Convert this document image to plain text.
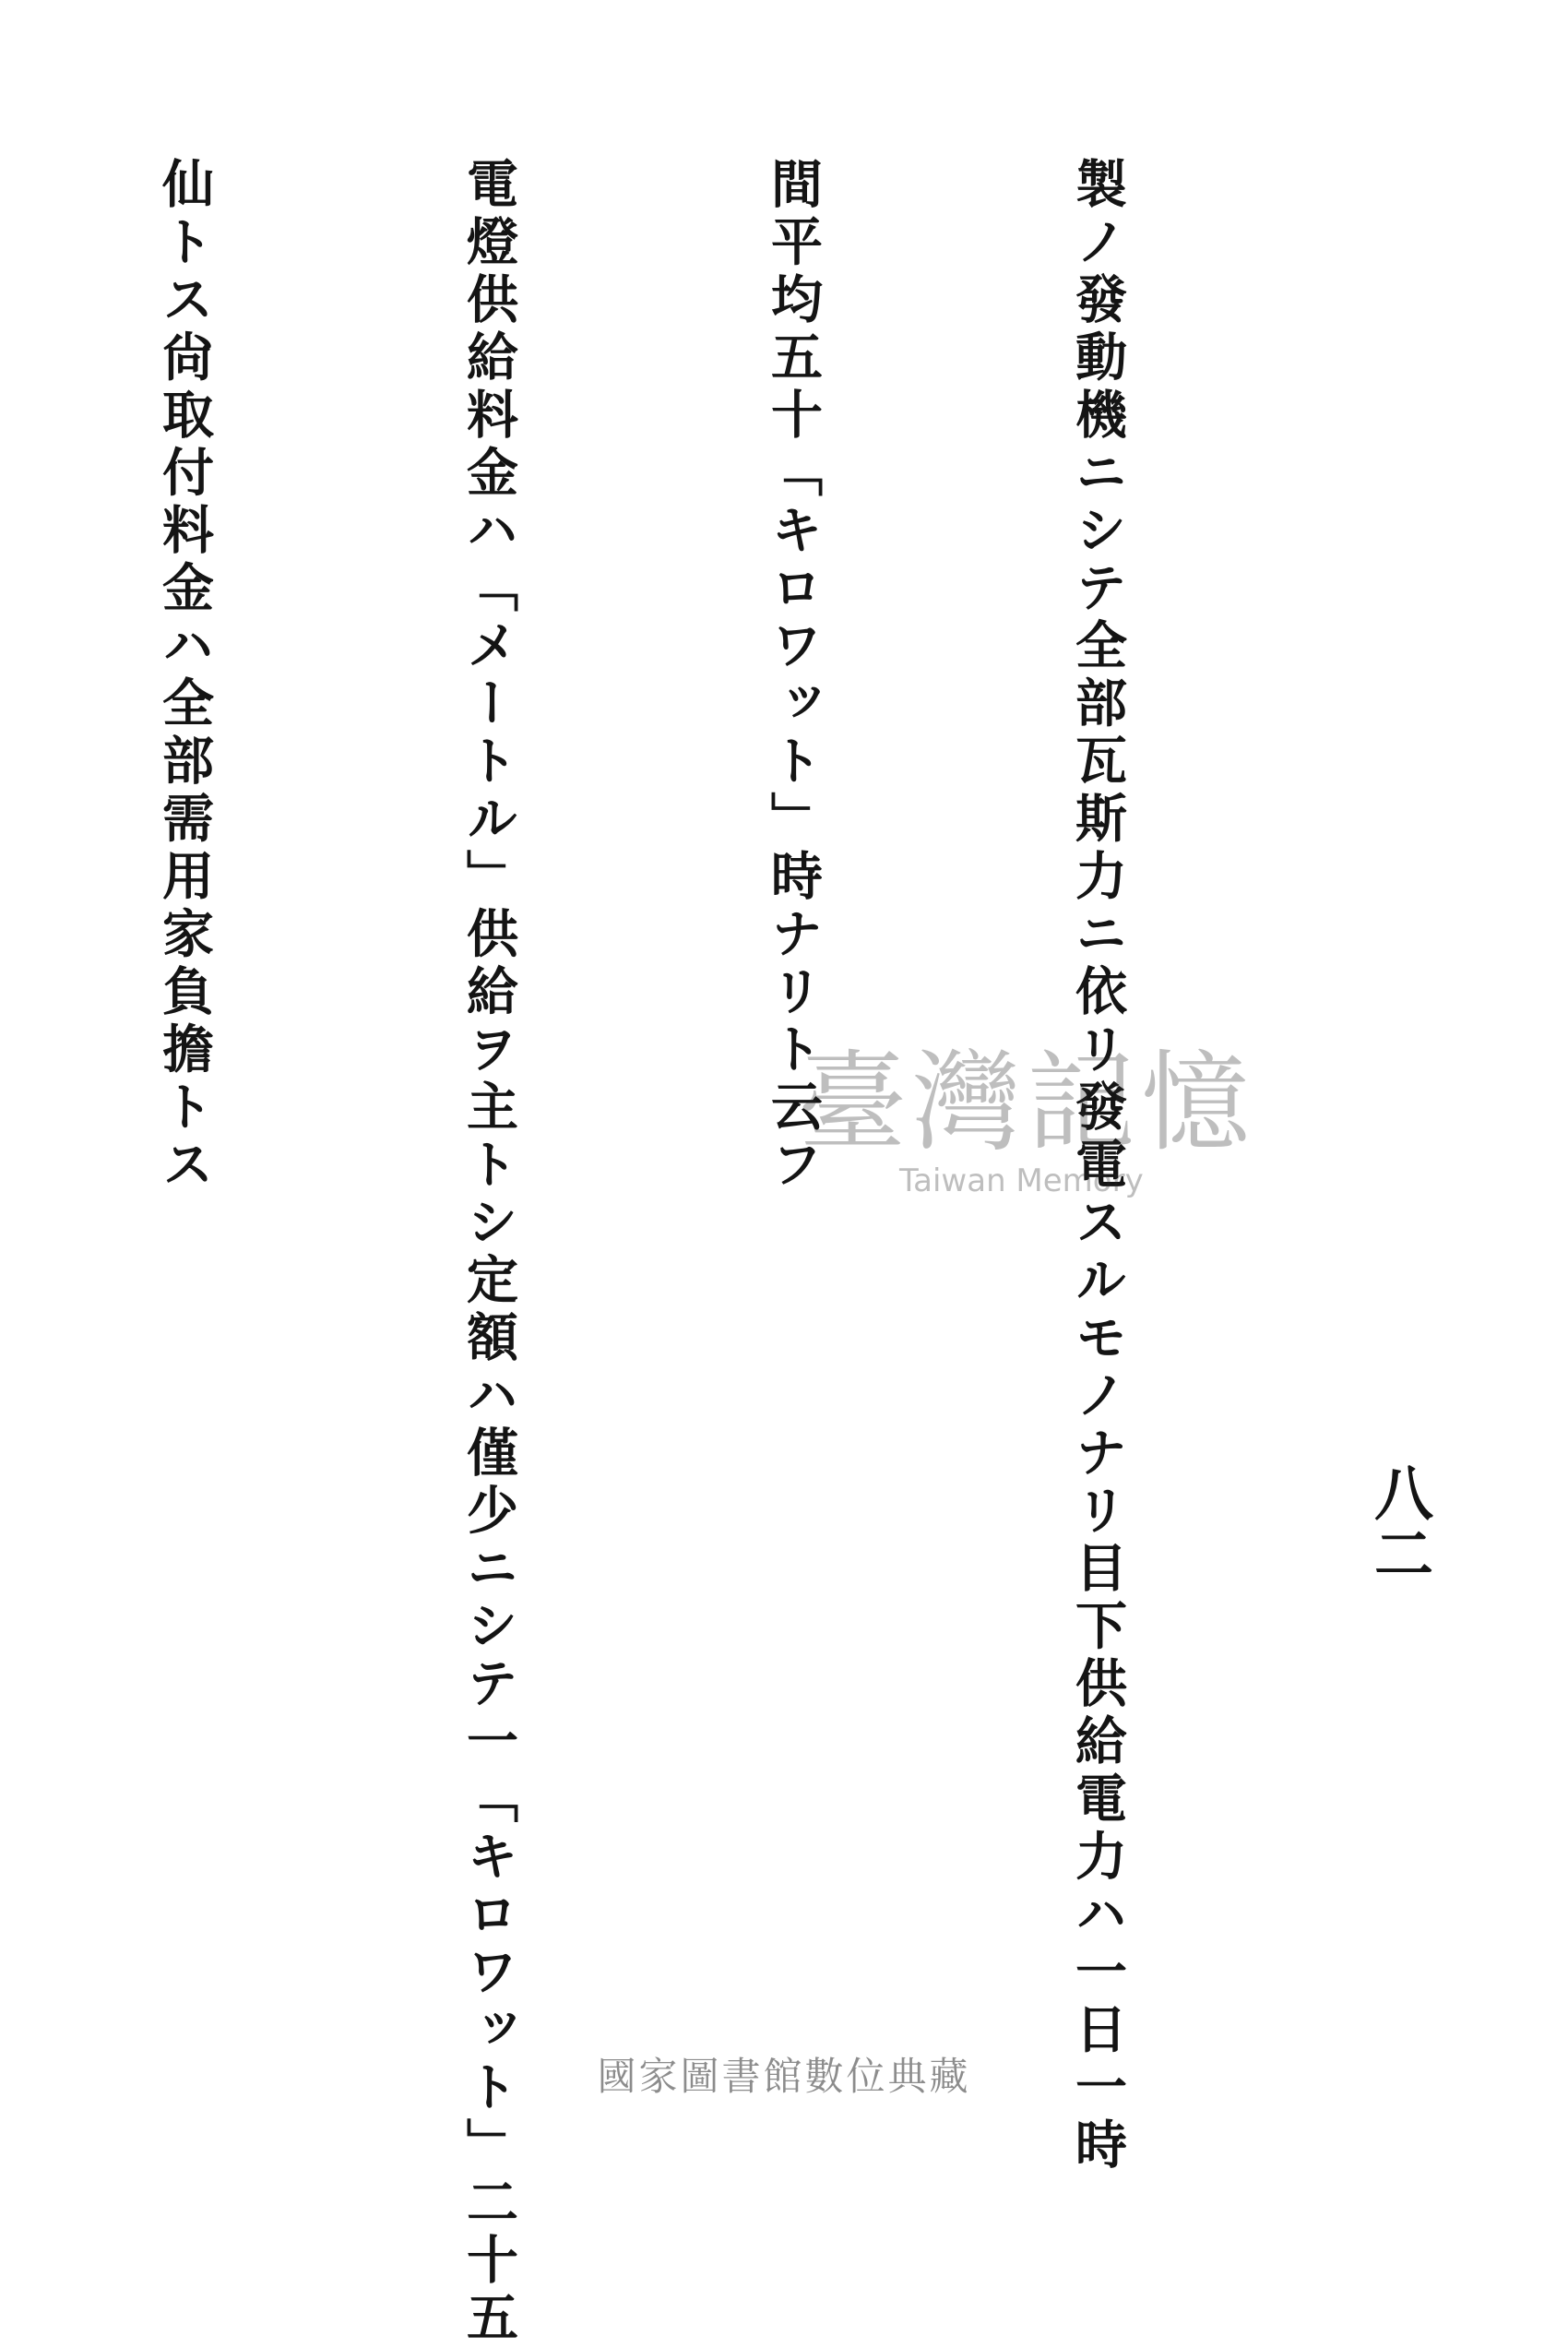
八二

製ノ發動機ニシテ全部瓦斯力ニ依リ發電スルモノナリ目下供給電力ハ一日一時

間平均五十「キロワット」時ナリト云フ

電燈供給料金ハ「メートル」供給ヲ主トシ定額ハ僅少ニシテ一「キロワット」二十五

仙トス尙取付料金ハ全部需用家負擔トス

	臺灣記憶
Taiwan Memory
國家圖書館數位典藏
